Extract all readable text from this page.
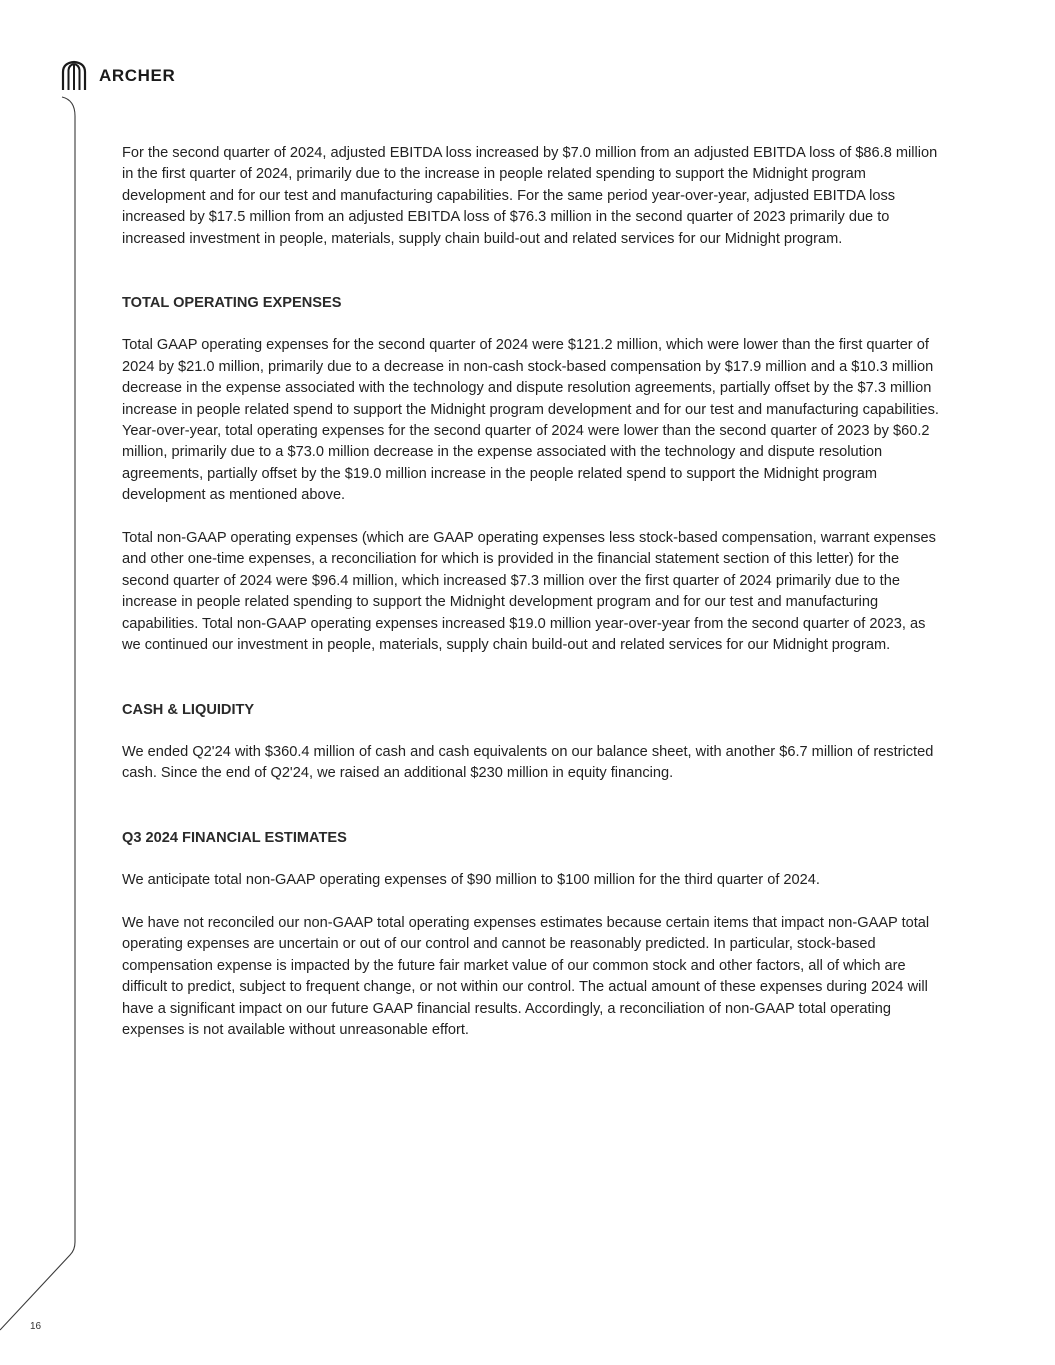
ARCHER

For the second quarter of 2024, adjusted EBITDA loss increased by $7.0 million from an adjusted EBITDA loss of $86.8 million in the first quarter of 2024, primarily due to the increase in people related spending to support the Midnight program development and for our test and manufacturing capabilities. For the same period year-over-year, adjusted EBITDA loss increased by $17.5 million from an adjusted EBITDA loss of $76.3 million in the second quarter of 2023 primarily due to increased investment in people, materials, supply chain build-out and related services for our Midnight program.

TOTAL OPERATING EXPENSES

Total GAAP operating expenses for the second quarter of 2024 were $121.2 million, which were lower than the first quarter of 2024 by $21.0 million, primarily due to a decrease in non-cash stock-based compensation by $17.9 million and a $10.3 million decrease in the expense associated with the technology and dispute resolution agreements, partially offset by the $7.3 million increase in people related spend to support the Midnight program development and for our test and manufacturing capabilities. Year-over-year, total operating expenses for the second quarter of 2024 were lower than the second quarter of 2023 by $60.2 million, primarily due to a $73.0 million decrease in the expense associated with the technology and dispute resolution agreements, partially offset by the $19.0 million increase in the people related spend to support the Midnight program development as mentioned above.

Total non-GAAP operating expenses (which are GAAP operating expenses less stock-based compensation, warrant expenses and other one-time expenses, a reconciliation for which is provided in the financial statement section of this letter) for the second quarter of 2024 were $96.4 million, which increased $7.3 million over the first quarter of 2024 primarily due to the increase in people related spending to support the Midnight development program and for our test and manufacturing capabilities. Total non-GAAP operating expenses increased $19.0 million year-over-year from the second quarter of 2023, as we continued our investment in people, materials, supply chain build-out and related services for our Midnight program.

CASH & LIQUIDITY

We ended Q2'24 with $360.4 million of cash and cash equivalents on our balance sheet, with another $6.7 million of restricted cash. Since the end of Q2'24, we raised an additional $230 million in equity financing.

Q3 2024 FINANCIAL ESTIMATES

We anticipate total non-GAAP operating expenses of $90 million to $100 million for the third quarter of 2024.

We have not reconciled our non-GAAP total operating expenses estimates because certain items that impact non-GAAP total operating expenses are uncertain or out of our control and cannot be reasonably predicted. In particular, stock-based compensation expense is impacted by the future fair market value of our common stock and other factors, all of which are difficult to predict, subject to frequent change, or not within our control. The actual amount of these expenses during 2024 will have a significant impact on our future GAAP financial results. Accordingly, a reconciliation of non-GAAP total operating expenses is not available without unreasonable effort.

16
